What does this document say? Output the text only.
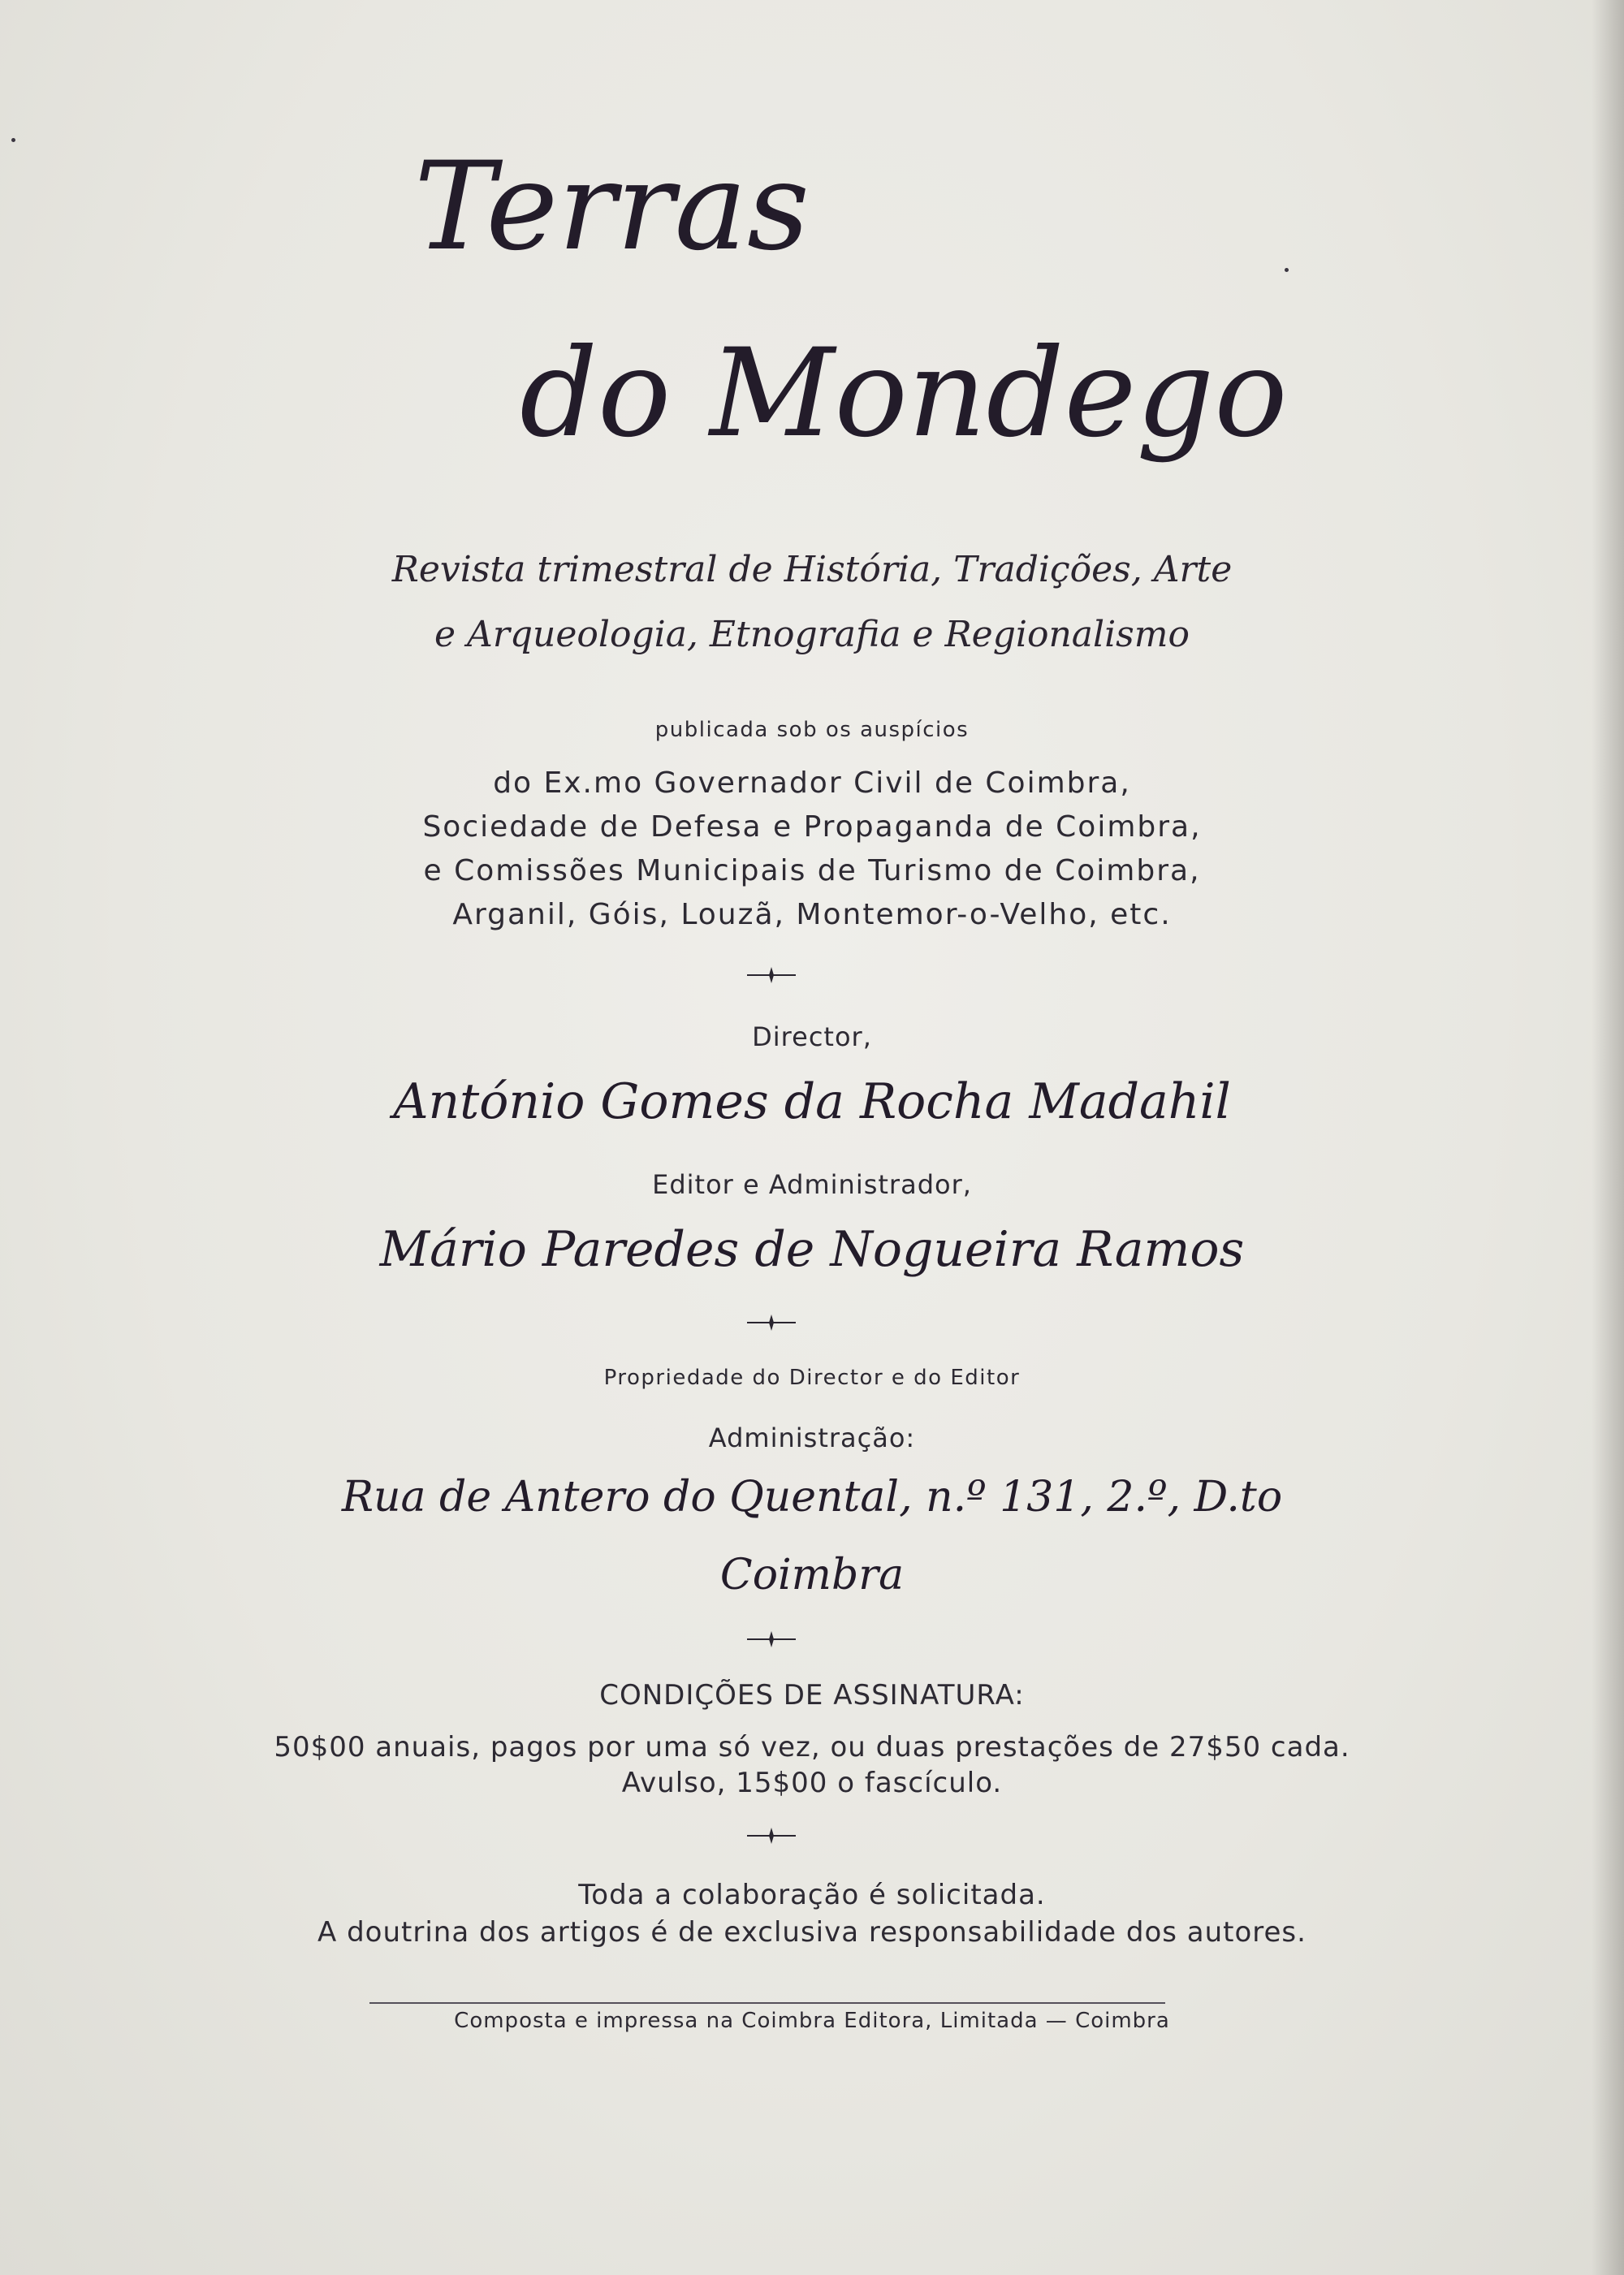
Terras
do Mondego
Revista trimestral de História, Tradições, Arte
e Arqueologia, Etnografia e Regionalismo
publicada sob os auspícios
do Ex.mo Governador Civil de Coimbra,
Sociedade de Defesa e Propaganda de Coimbra,
e Comissões Municipais de Turismo de Coimbra,
Arganil, Góis, Louzã, Montemor-o-Velho, etc.
Director,
António Gomes da Rocha Madahil
Editor e Administrador,
Mário Paredes de Nogueira Ramos
Propriedade do Director e do Editor
Administração:
Rua de Antero do Quental, n.º 131, 2.º, D.to
Coimbra
CONDIÇÕES DE ASSINATURA:
50$00 anuais, pagos por uma só vez, ou duas prestações de 27$50 cada.
Avulso, 15$00 o fascículo.
Toda a colaboração é solicitada.
A doutrina dos artigos é de exclusiva responsabilidade dos autores.
Composta e impressa na Coimbra Editora, Limitada — Coimbra
